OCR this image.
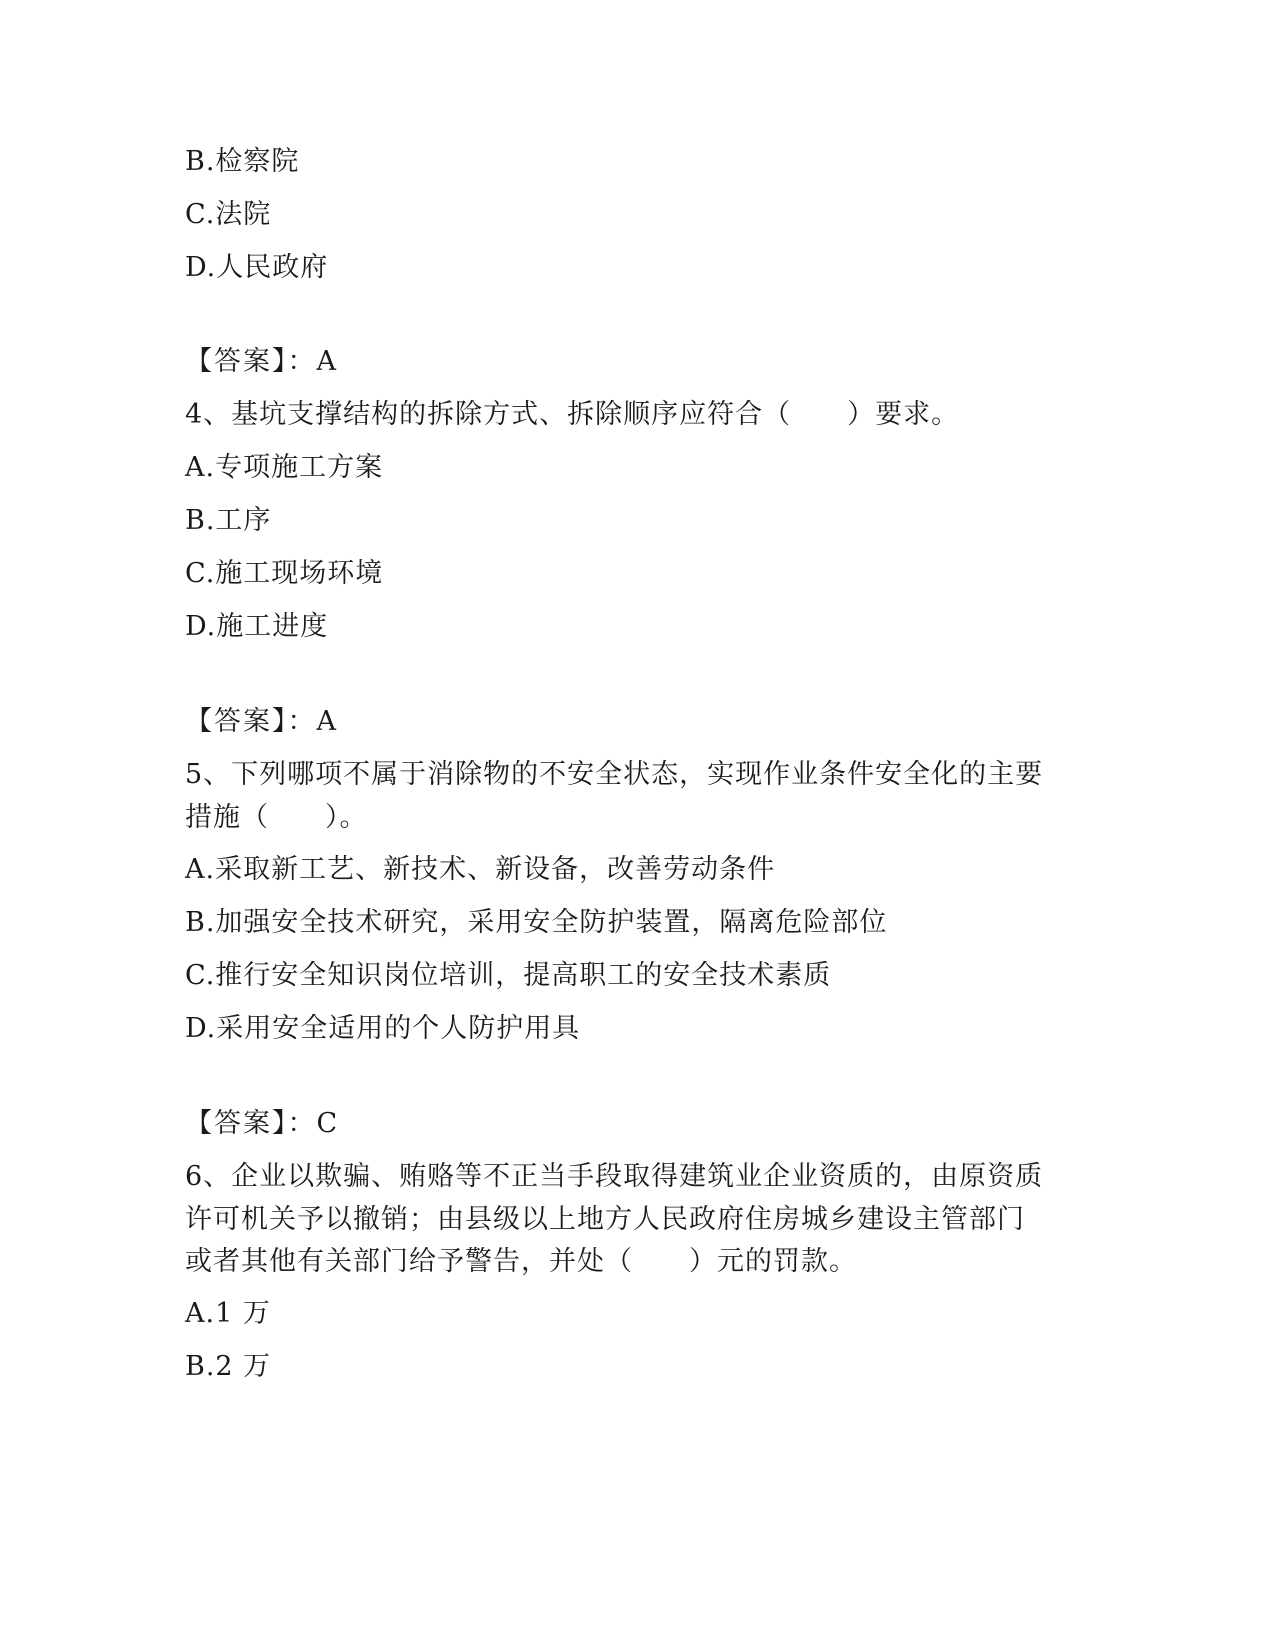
B.检察院
C.法院
D.人民政府
【答案】：A
4、基坑支撑结构的拆除方式、拆除顺序应符合（　　）要求。
A.专项施工方案
B.工序
C.施工现场环境
D.施工进度
【答案】：A
5、下列哪项不属于消除物的不安全状态，实现作业条件安全化的主要
措施（　　）。
A.采取新工艺、新技术、新设备，改善劳动条件
B.加强安全技术研究，采用安全防护装置，隔离危险部位
C.推行安全知识岗位培训，提高职工的安全技术素质
D.采用安全适用的个人防护用具
【答案】：C
6、企业以欺骗、贿赂等不正当手段取得建筑业企业资质的，由原资质
许可机关予以撤销；由县级以上地方人民政府住房城乡建设主管部门
或者其他有关部门给予警告，并处（　　）元的罚款。
A.1 万
B.2 万
